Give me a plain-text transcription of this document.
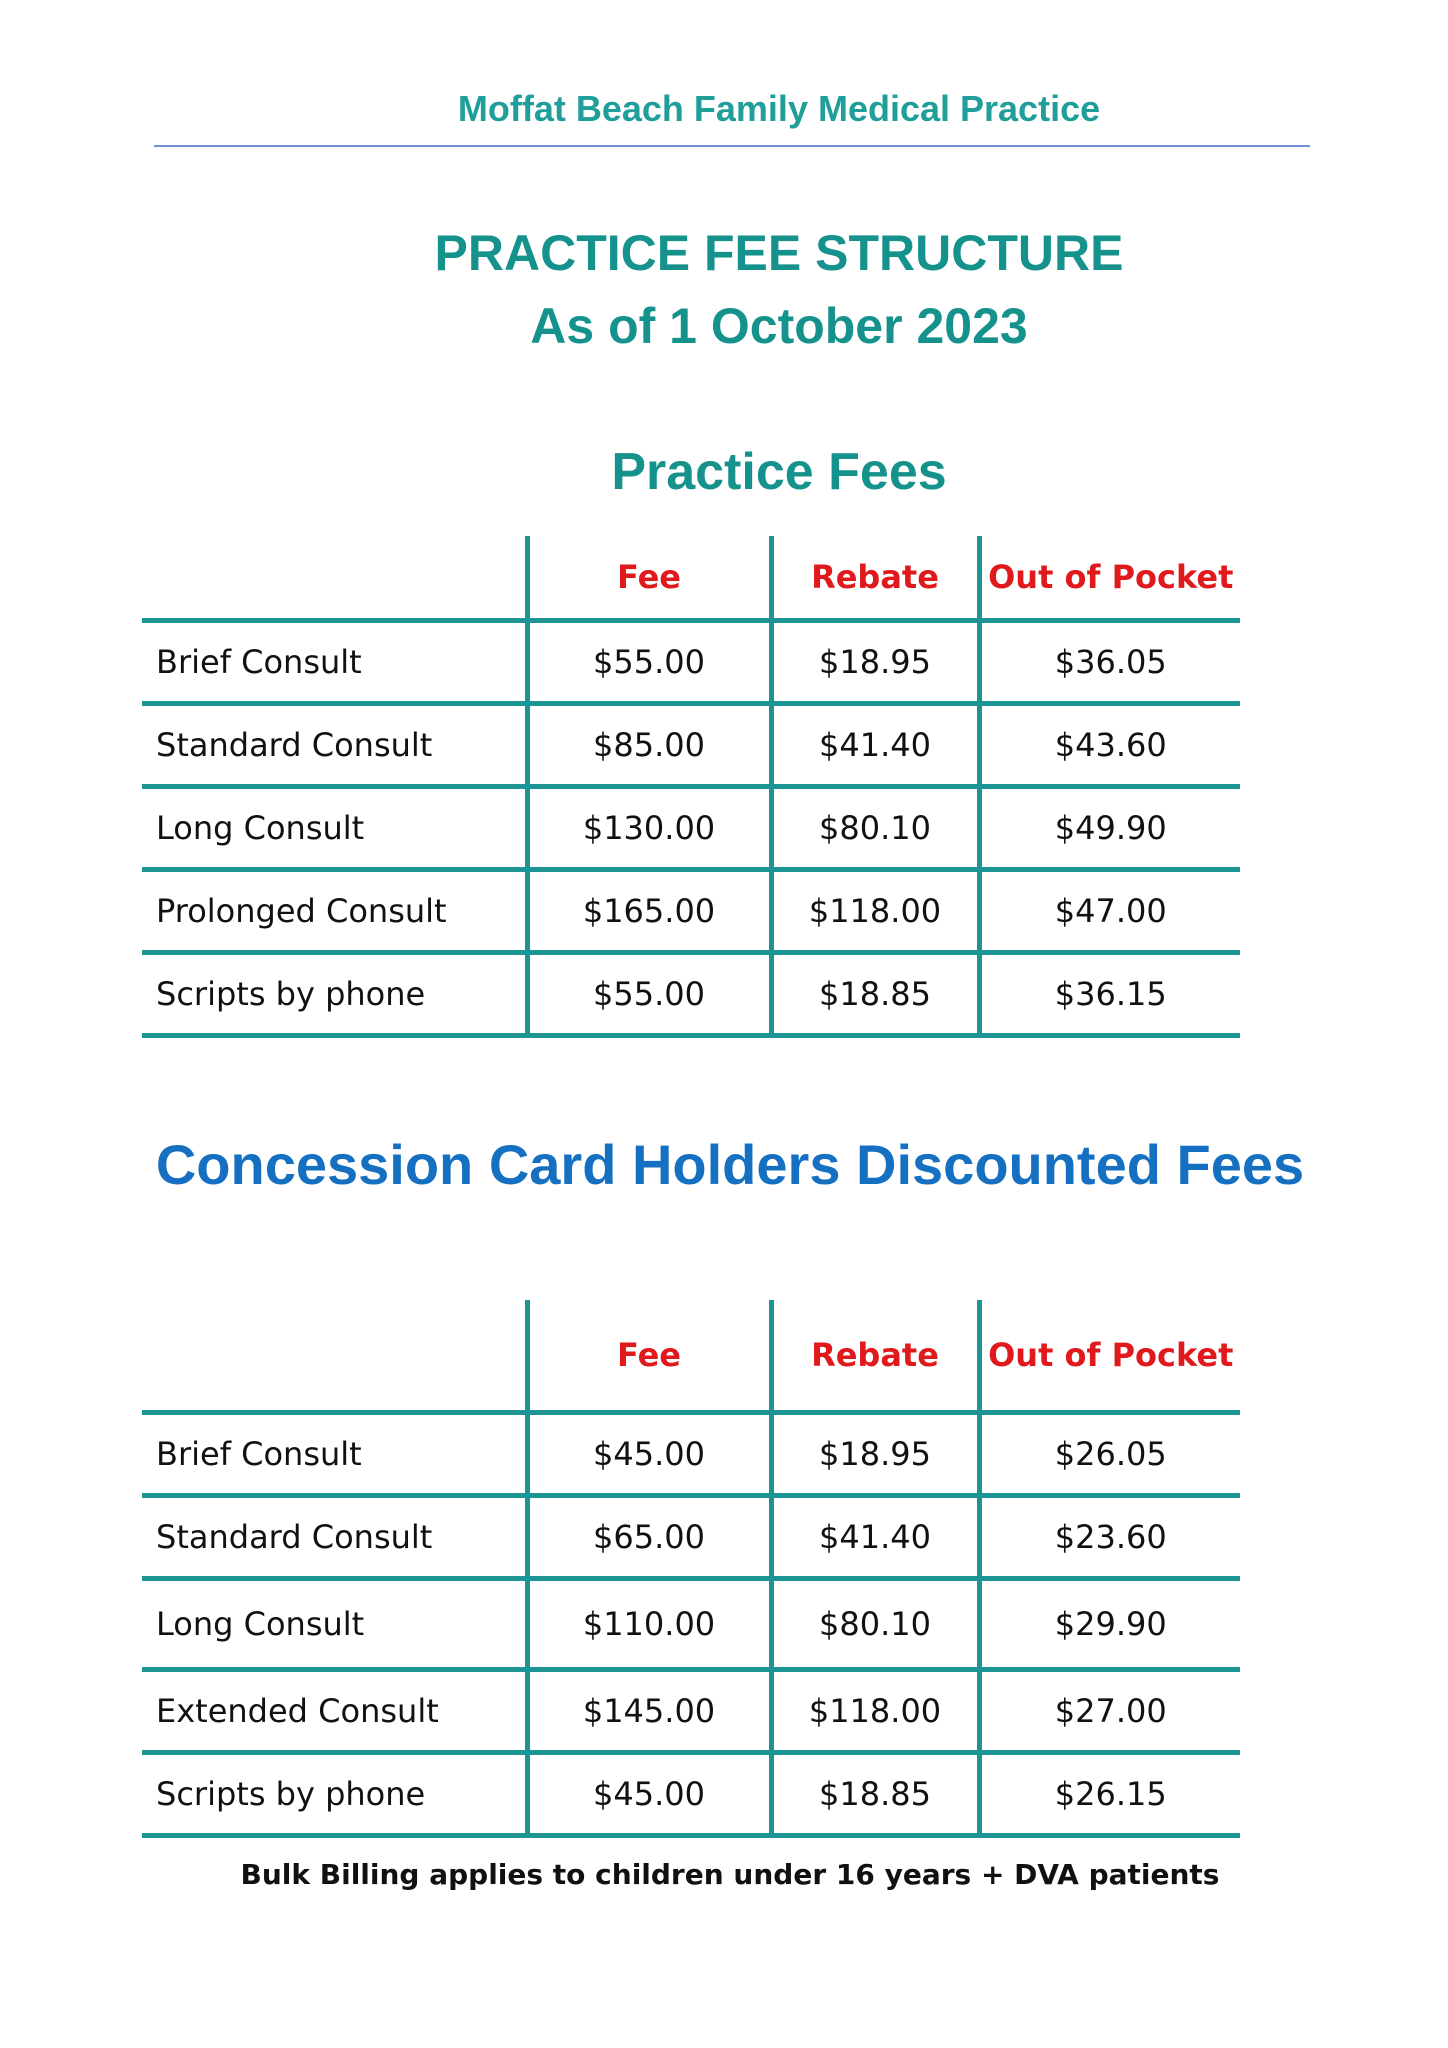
Moffat Beach Family Medical Practice
PRACTICE FEE STRUCTURE
As of 1 October 2023
Practice Fees
	Fee	Rebate	Out of Pocket
Brief Consult	$55.00	$18.95	$36.05
Standard Consult	$85.00	$41.40	$43.60
Long Consult	$130.00	$80.10	$49.90
Prolonged Consult	$165.00	$118.00	$47.00
Scripts by phone	$55.00	$18.85	$36.15
Concession Card Holders Discounted Fees
	Fee	Rebate	Out of Pocket
Brief Consult	$45.00	$18.95	$26.05
Standard Consult	$65.00	$41.40	$23.60
Long Consult	$110.00	$80.10	$29.90
Extended Consult	$145.00	$118.00	$27.00
Scripts by phone	$45.00	$18.85	$26.15
Bulk Billing applies to children under 16 years + DVA patients
